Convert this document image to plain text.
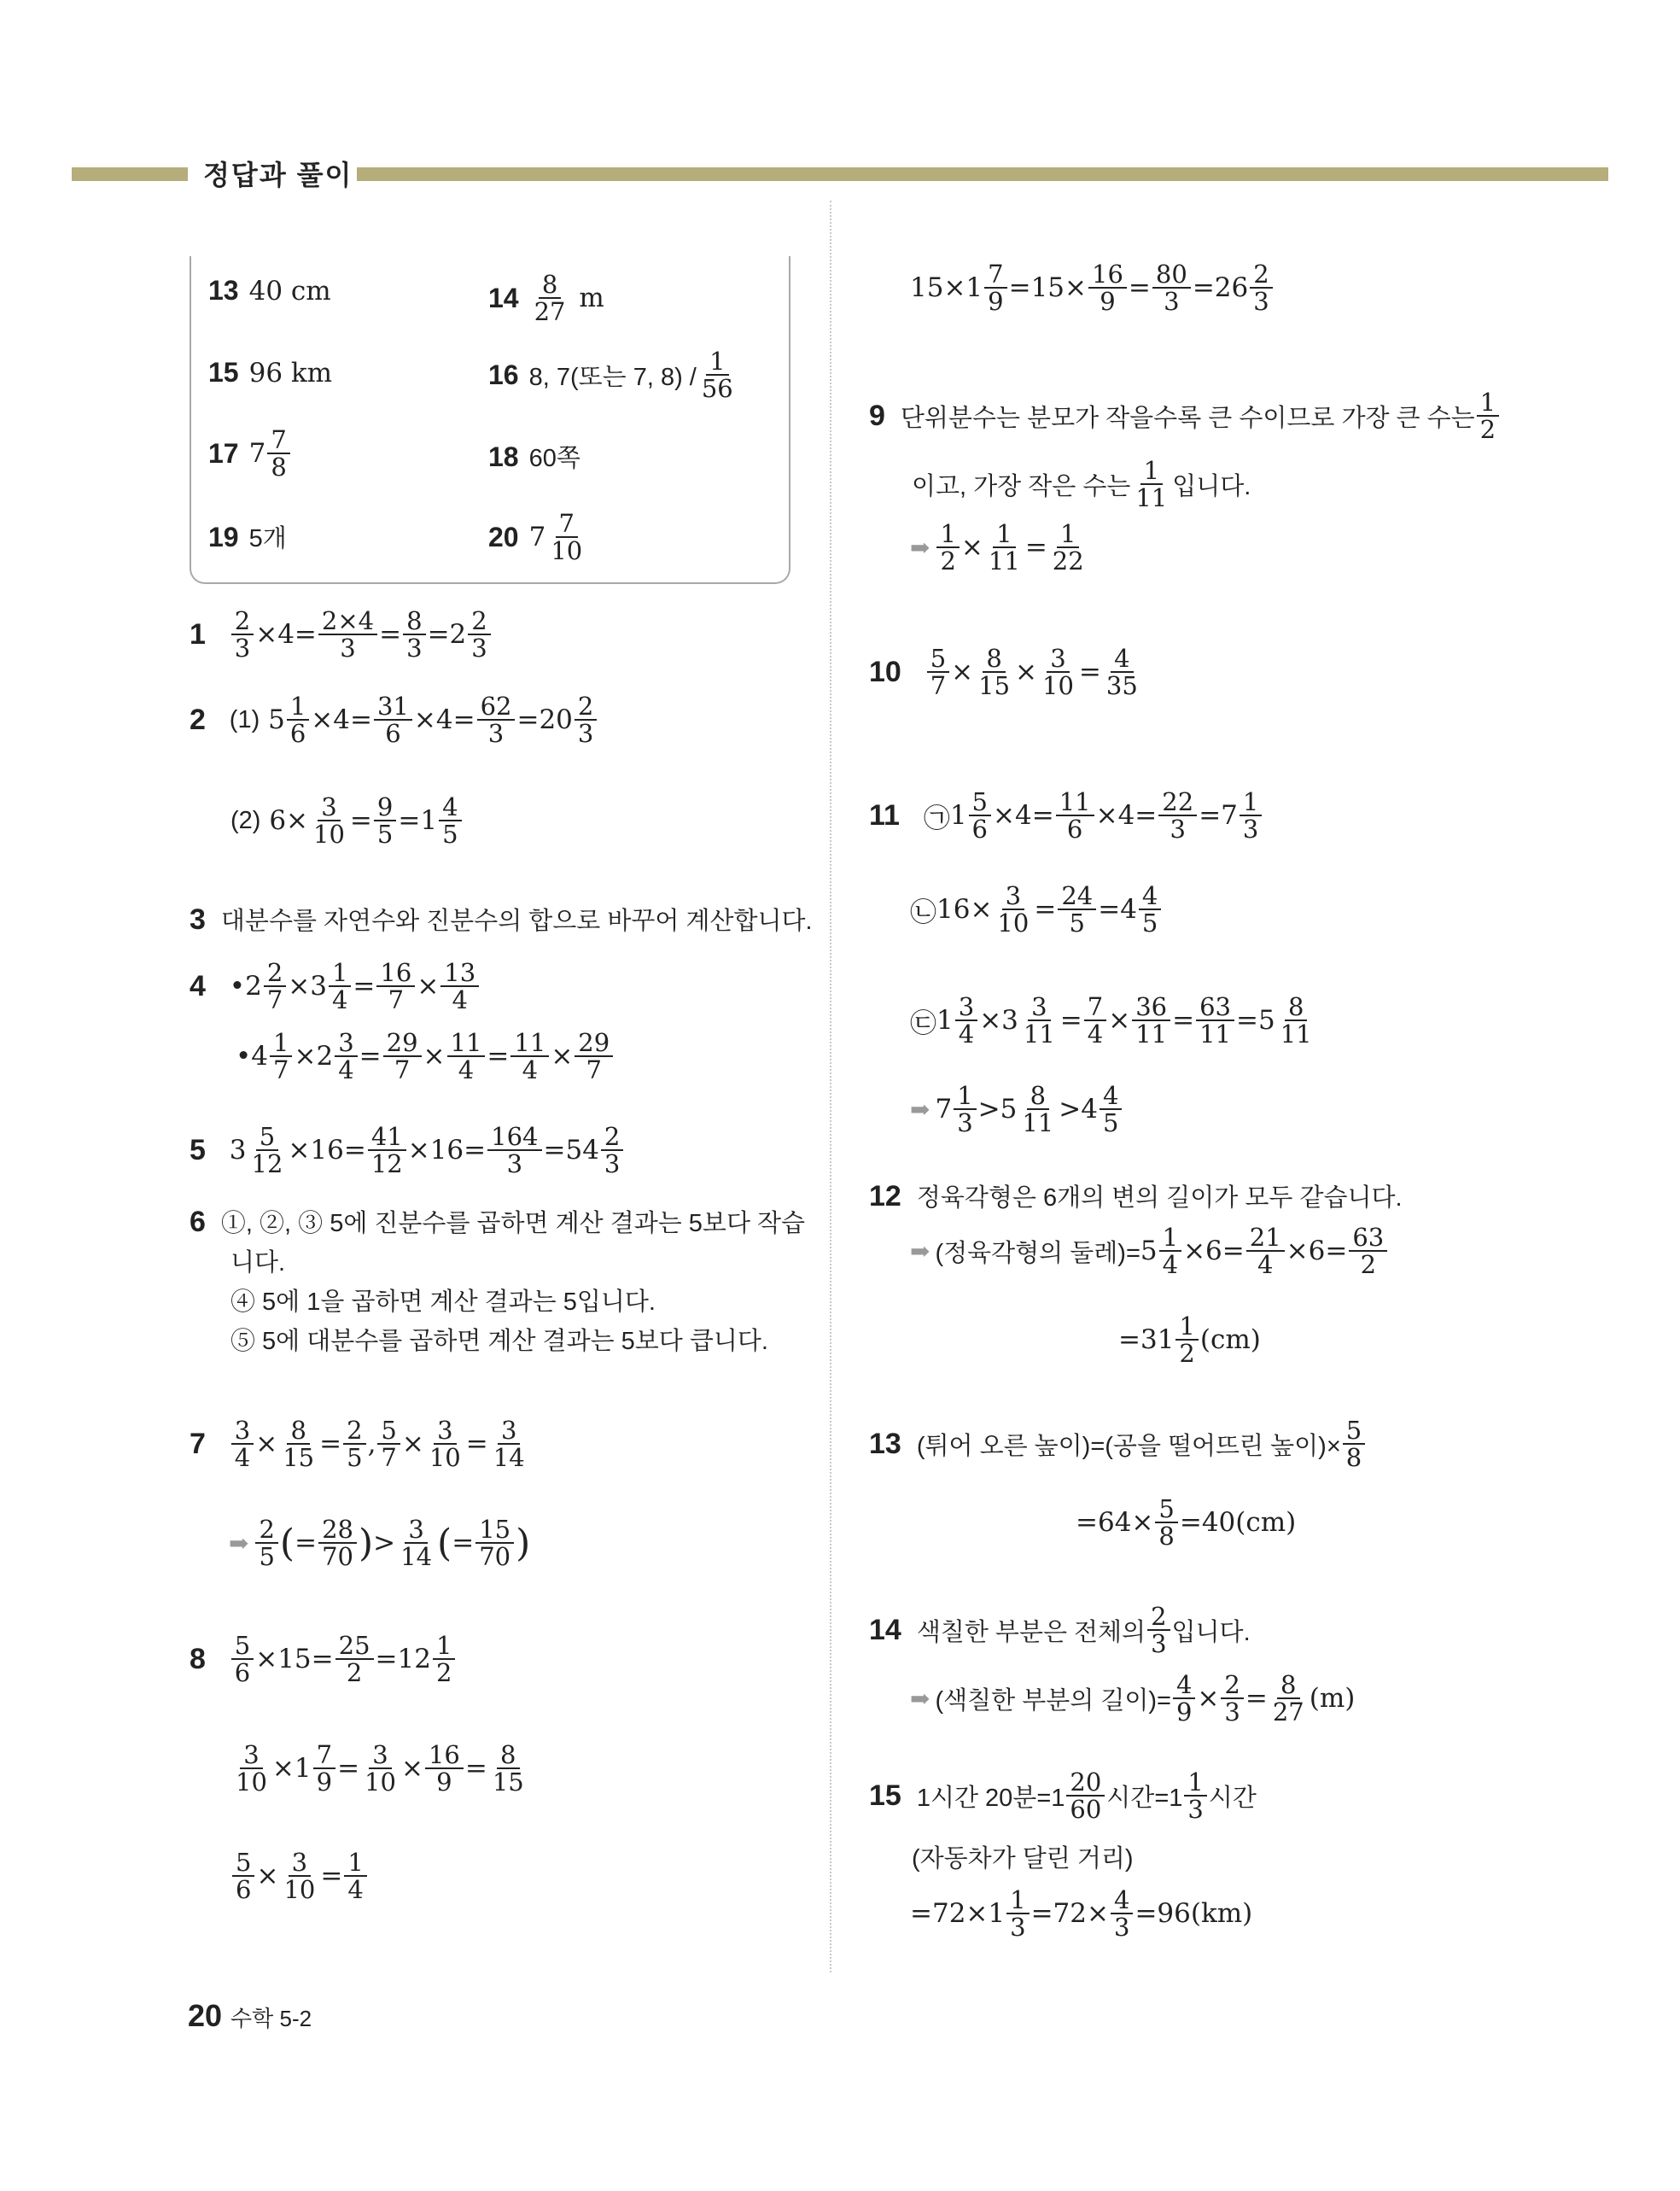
정답과 풀이
13 40 cm	$14 \frac{8}{27}$ m
15 96 km	16 8, 7(또는 7, $8) / \frac{1}{56}$
17 $7 \frac{7}{8}$	18 60쪽
19 5개	20 $7 \frac{7}{10}$
$1 \frac{2}{3} \times 4= \frac{2\times 4}{3} = \frac{8}{3} =2 \frac{2}{3}$
2 (1) $5 \frac{1}{6} \times 4= \frac{31}{6} \times 4= \frac{62}{3} =20 \frac{2}{3}$
(2) $6\times \frac{3}{10} = \frac{9}{5} =1 \frac{4}{5}$
3 대분수를 자연수와 진분수의 합으로 바꾸어 계산합니다.
4 •2 $\frac{2}{7} \times 3 \frac{1}{4} = \frac{16}{7} \times \frac{13}{4}$
•4 $\frac{1}{7} \times 2 \frac{3}{4} = \frac{29}{7} \times \frac{11}{4} = \frac{11}{4} \times \frac{29}{7}$
5 $3 \frac{5}{12} \times 16= \frac{41}{12} \times 16= \frac{164}{3} =54 \frac{2}{3}$
6 ①, ②, ③ 5에 진분수를 곱하면 계산 결과는 5보다 작습
니다.
④ 5에 1을 곱하면 계산 결과는 5입니다.
⑤ 5에 대분수를 곱하면 계산 결과는 5보다 큽니다.
$7 \frac{3}{4} \times \frac{8}{15} = \frac{2}{5}$ , $\frac{5}{7} \times \frac{3}{10} = \frac{3}{14}$
➡ $\frac{2}{5}$ (= $\frac{28}{70}$ )> $\frac{3}{14}$ (= $\frac{15}{70}$ )
$8 \frac{5}{6} \times 15= \frac{25}{2} =12 \frac{1}{2}$
$\frac{3}{10} \times 1 \frac{7}{9} = \frac{3}{10} \times \frac{16}{9} = \frac{8}{15}$
$\frac{5}{6} \times \frac{3}{10} = \frac{1}{4}$
$15\times 1 \frac{7}{9} =15\times \frac{16}{9} = \frac{80}{3} =26 \frac{2}{3}$
9 단위분수는 분모가 작을수록 큰 수이므로 가장 큰 수는 $\frac{1}{2}$
이고, 가장 작은 수는 $\frac{1}{11}$ 입니다.
➡ $\frac{1}{2} \times \frac{1}{11} = \frac{1}{22}$
$10 \frac{5}{7} \times \frac{8}{15} \times \frac{3}{10} = \frac{4}{35}$
11 ㉠1 $\frac{5}{6} \times 4= \frac{11}{6} \times 4= \frac{22}{3} =7 \frac{1}{3}$
㉡16× $\frac{3}{10} = \frac{24}{5} =4 \frac{4}{5}$
㉢1 $\frac{3}{4} \times 3 \frac{3}{11} = \frac{7}{4} \times \frac{36}{11} = \frac{63}{11} =5 \frac{8}{11}$
➡ $7 \frac{1}{3} >5 \frac{8}{11} >4 \frac{4}{5}$
12 정육각형은 6개의 변의 길이가 모두 같습니다.
➡ (정육각형의 둘레)$=5 \frac{1}{4} \times 6= \frac{21}{4} \times 6= \frac{63}{2}$
$=31 \frac{1}{2} (cm)$
13 (튀어 오른 높이)=(공을 떨어뜨린 높이)× $\frac{5}{8}$
$=64\times \frac{5}{8} =40(cm)$
14 색칠한 부분은 전체의 $\frac{2}{3}$ 입니다.
➡ (색칠한 부분의 길이)= $\frac{4}{9} \times \frac{2}{3} = \frac{8}{27} (m)$
15 1시간 20분$=1 \frac{20}{60}$ 시간$=1 \frac{1}{3}$ 시간
(자동차가 달린 거리)
$=72\times 1 \frac{1}{3} =72\times \frac{4}{3} =96(km)$
20 수학 5-2
